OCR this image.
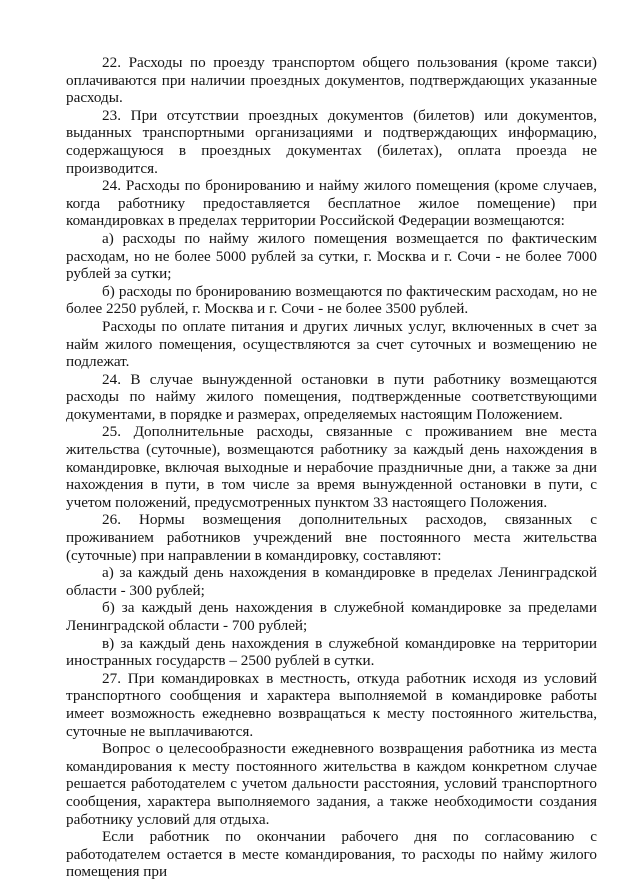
22. Расходы по проезду транспортом общего пользования (кроме такси) оплачиваются при наличии проездных документов, подтверждающих указанные расходы.

23. При отсутствии проездных документов (билетов) или документов, выданных транспортными организациями и подтверждающих информацию, содержащуюся в проездных документах (билетах), оплата проезда не производится.

24. Расходы по бронированию и найму жилого помещения (кроме случаев, когда работнику предоставляется бесплатное жилое помещение) при командировках в пределах территории Российской Федерации возмещаются:

а) расходы по найму жилого помещения возмещается по фактическим расходам, но не более 5000 рублей за сутки, г. Москва и г. Сочи - не более 7000 рублей за сутки;

б) расходы по бронированию возмещаются по фактическим расходам, но не более 2250 рублей, г. Москва и г. Сочи - не более 3500 рублей.

Расходы по оплате питания и других личных услуг, включенных в счет за найм жилого помещения, осуществляются за счет суточных и возмещению не подлежат.

24. В случае вынужденной остановки в пути работнику возмещаются расходы по найму жилого помещения, подтвержденные соответствующими документами, в порядке и размерах, определяемых настоящим Положением.

25. Дополнительные расходы, связанные с проживанием вне места жительства (суточные), возмещаются работнику за каждый день нахождения в командировке, включая выходные и нерабочие праздничные дни, а также за дни нахождения в пути, в том числе за время вынужденной остановки в пути, с учетом положений, предусмотренных пунктом 33 настоящего Положения.

26. Нормы возмещения дополнительных расходов, связанных с проживанием работников учреждений вне постоянного места жительства (суточные) при направлении в командировку, составляют:

а) за каждый день нахождения в командировке в пределах Ленинградской области - 300 рублей;

б) за каждый день нахождения в служебной командировке за пределами Ленинградской области - 700 рублей;

в) за каждый день нахождения в служебной командировке на территории иностранных государств – 2500 рублей в сутки.

27. При командировках в местность, откуда работник исходя из условий транспортного сообщения и характера выполняемой в командировке работы имеет возможность ежедневно возвращаться к месту постоянного жительства, суточные не выплачиваются.

Вопрос о целесообразности ежедневного возвращения работника из места командирования к месту постоянного жительства в каждом конкретном случае решается работодателем с учетом дальности расстояния, условий транспортного сообщения, характера выполняемого задания, а также необходимости создания работнику условий для отдыха.

Если работник по окончании рабочего дня по согласованию с работодателем остается в месте командирования, то расходы по найму жилого помещения при
